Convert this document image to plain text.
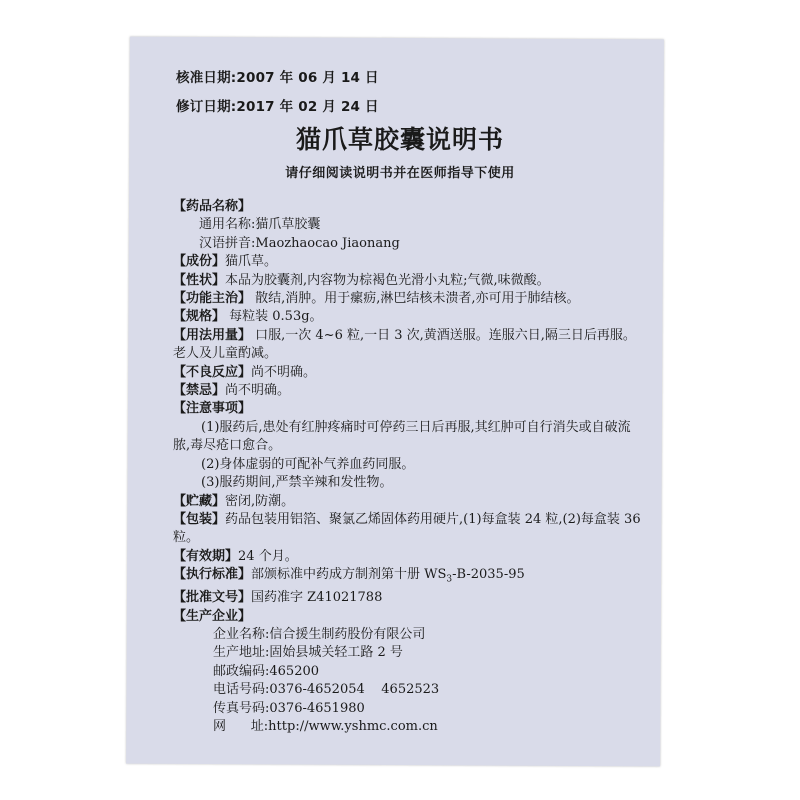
核准日期:2007 年 06 月 14 日
修订日期:2017 年 02 月 24 日
猫爪草胶囊说明书
请仔细阅读说明书并在医师指导下使用
【药品名称】
通用名称:猫爪草胶囊
汉语拼音:Maozhaocao Jiaonang
【成份】猫爪草。
【性状】本品为胶囊剂,内容物为棕褐色光滑小丸粒;气微,味微酸。
【功能主治】 散结,消肿。用于瘰疬,淋巴结核未溃者,亦可用于肺结核。
【规格】 每粒装 0.53g。
【用法用量】 口服,一次 4~6 粒,一日 3 次,黄酒送服。连服六日,隔三日后再服。老人及儿童酌减。
【不良反应】尚不明确。
【禁忌】尚不明确。
【注意事项】
(1)服药后,患处有红肿疼痛时可停药三日后再服,其红肿可自行消失或自破流脓,毒尽疮口愈合。
(2)身体虚弱的可配补气养血药同服。
(3)服药期间,严禁辛辣和发性物。
【贮藏】密闭,防潮。
【包装】药品包装用铝箔、聚氯乙烯固体药用硬片,(1)每盒装 24 粒,(2)每盒装 36 粒。
【有效期】24 个月。
【执行标准】部颁标准中药成方制剂第十册 $WS_3-B-2035-95$
【批准文号】国药准字 Z41021788
【生产企业】
企业名称:信合援生制药股份有限公司
生产地址:固始县城关轻工路 2 号
邮政编码:465200
电话号码:0376-4652054    4652523
传真号码:0376-4651980
网      址:http://www.yshmc.com.cn
